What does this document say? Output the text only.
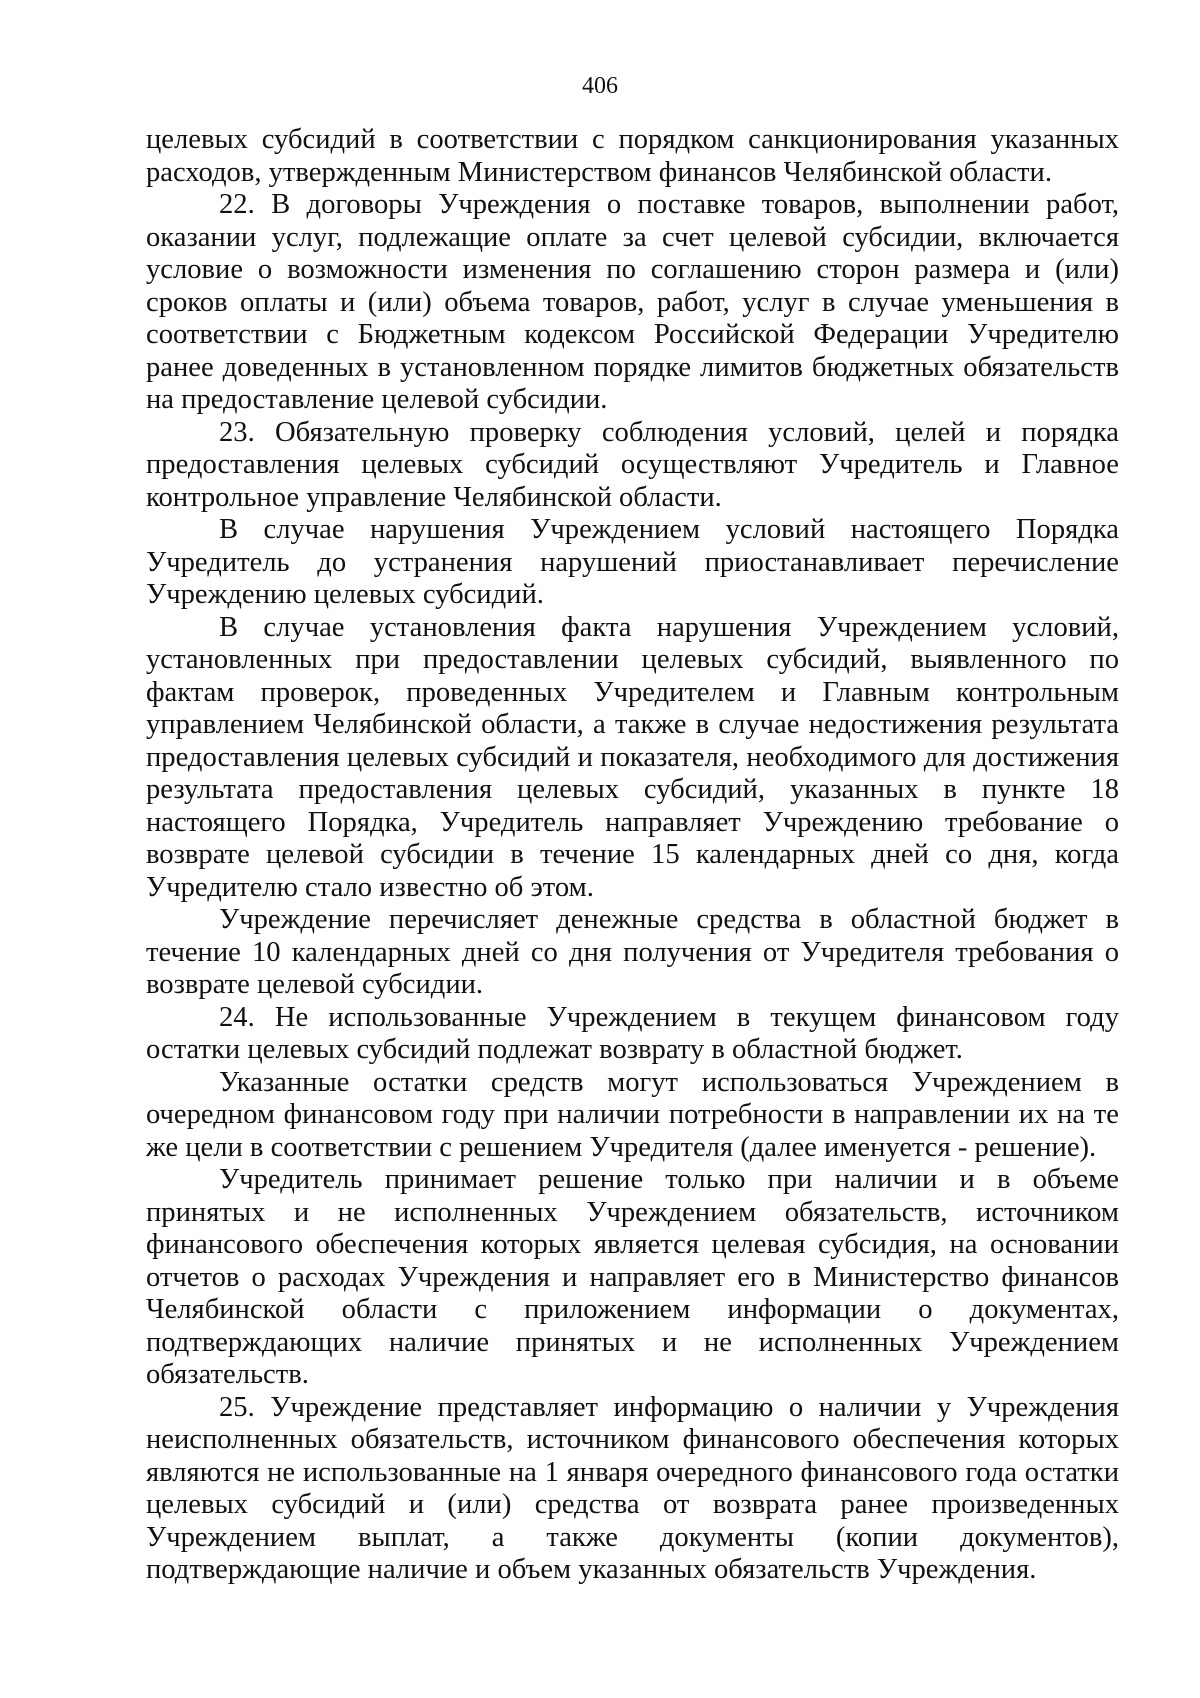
406

целевых субсидий в соответствии с порядком санкционирования указанных расходов, утвержденным Министерством финансов Челябинской области.

22. В договоры Учреждения о поставке товаров, выполнении работ, оказании услуг, подлежащие оплате за счет целевой субсидии, включается условие о возможности изменения по соглашению сторон размера и (или) сроков оплаты и (или) объема товаров, работ, услуг в случае уменьшения в соответствии с Бюджетным кодексом Российской Федерации Учредителю ранее доведенных в установленном порядке лимитов бюджетных обязательств на предоставление целевой субсидии.

23. Обязательную проверку соблюдения условий, целей и порядка предоставления целевых субсидий осуществляют Учредитель и Главное контрольное управление Челябинской области.

В случае нарушения Учреждением условий настоящего Порядка Учредитель до устранения нарушений приостанавливает перечисление Учреждению целевых субсидий.

В случае установления факта нарушения Учреждением условий, установленных при предоставлении целевых субсидий, выявленного по фактам проверок, проведенных Учредителем и Главным контрольным управлением Челябинской области, а также в случае недостижения результата предоставления целевых субсидий и показателя, необходимого для достижения результата предоставления целевых субсидий, указанных в пункте 18 настоящего Порядка, Учредитель направляет Учреждению требование о возврате целевой субсидии в течение 15 календарных дней со дня, когда Учредителю стало известно об этом.

Учреждение перечисляет денежные средства в областной бюджет в течение 10 календарных дней со дня получения от Учредителя требования о возврате целевой субсидии.

24. Не использованные Учреждением в текущем финансовом году остатки целевых субсидий подлежат возврату в областной бюджет.

Указанные остатки средств могут использоваться Учреждением в очередном финансовом году при наличии потребности в направлении их на те же цели в соответствии с решением Учредителя (далее именуется - решение).

Учредитель принимает решение только при наличии и в объеме принятых и не исполненных Учреждением обязательств, источником финансового обеспечения которых является целевая субсидия, на основании отчетов о расходах Учреждения и направляет его в Министерство финансов Челябинской области с приложением информации о документах, подтверждающих наличие принятых и не исполненных Учреждением обязательств.

25. Учреждение представляет информацию о наличии у Учреждения неисполненных обязательств, источником финансового обеспечения которых являются не использованные на 1 января очередного финансового года остатки целевых субсидий и (или) средства от возврата ранее произведенных Учреждением выплат, а также документы (копии документов), подтверждающие наличие и объем указанных обязательств Учреждения.
